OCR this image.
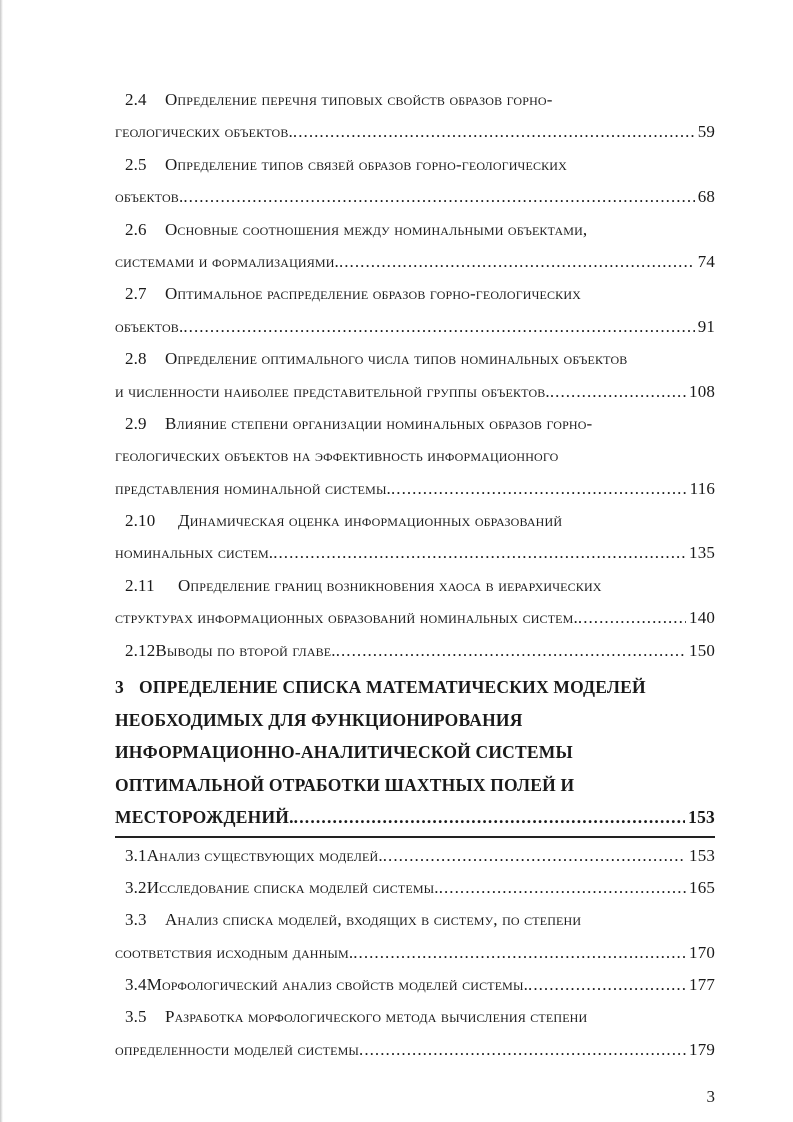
2.4	Определение перечня типовых свойств образов горно-
геологических объектов. . . .	59
2.5	Определение типов связей образов горно-геологических
объектов. . . .	68
2.6	Основные соотношения между номинальными объектами,
системами и формализациями. . . .	74
2.7	Оптимальное распределение образов горно-геологических
объектов. . . .	91
2.8	Определение оптимального числа типов номинальных объектов
и численности наиболее представительной группы объектов. . . .	108
2.9	Влияние степени организации номинальных образов горно-
геологических объектов на эффективность информационного
представления номинальной системы. . . .	116
2.10	Динамическая оценка информационных образований
номинальных систем. . . .	135
2.11	Определение границ возникновения хаоса в иерархических
структурах информационных образований номинальных систем. . . .	140
2.12 Выводы по второй главе. . . .	150
3 ОПРЕДЕЛЕНИЕ СПИСКА МАТЕМАТИЧЕСКИХ МОДЕЛЕЙ
НЕОБХОДИМЫХ ДЛЯ ФУНКЦИОНИРОВАНИЯ
ИНФОРМАЦИОННО-АНАЛИТИЧЕСКОЙ СИСТЕМЫ
ОПТИМАЛЬНОЙ ОТРАБОТКИ ШАХТНЫХ ПОЛЕЙ И
МЕСТОРОЖДЕНИЙ. . . .	153
3.1 Анализ существующих моделей. . . .	153
3.2 Исследование списка моделей системы. . . .	165
3.3	Анализ списка моделей, входящих в систему, по степени
соответствия исходным данным. . . .	170
3.4 Морфологический анализ свойств моделей системы. . . .	177
3.5	Разработка морфологического метода вычисления степени
определенности моделей системы . . .	179
3
